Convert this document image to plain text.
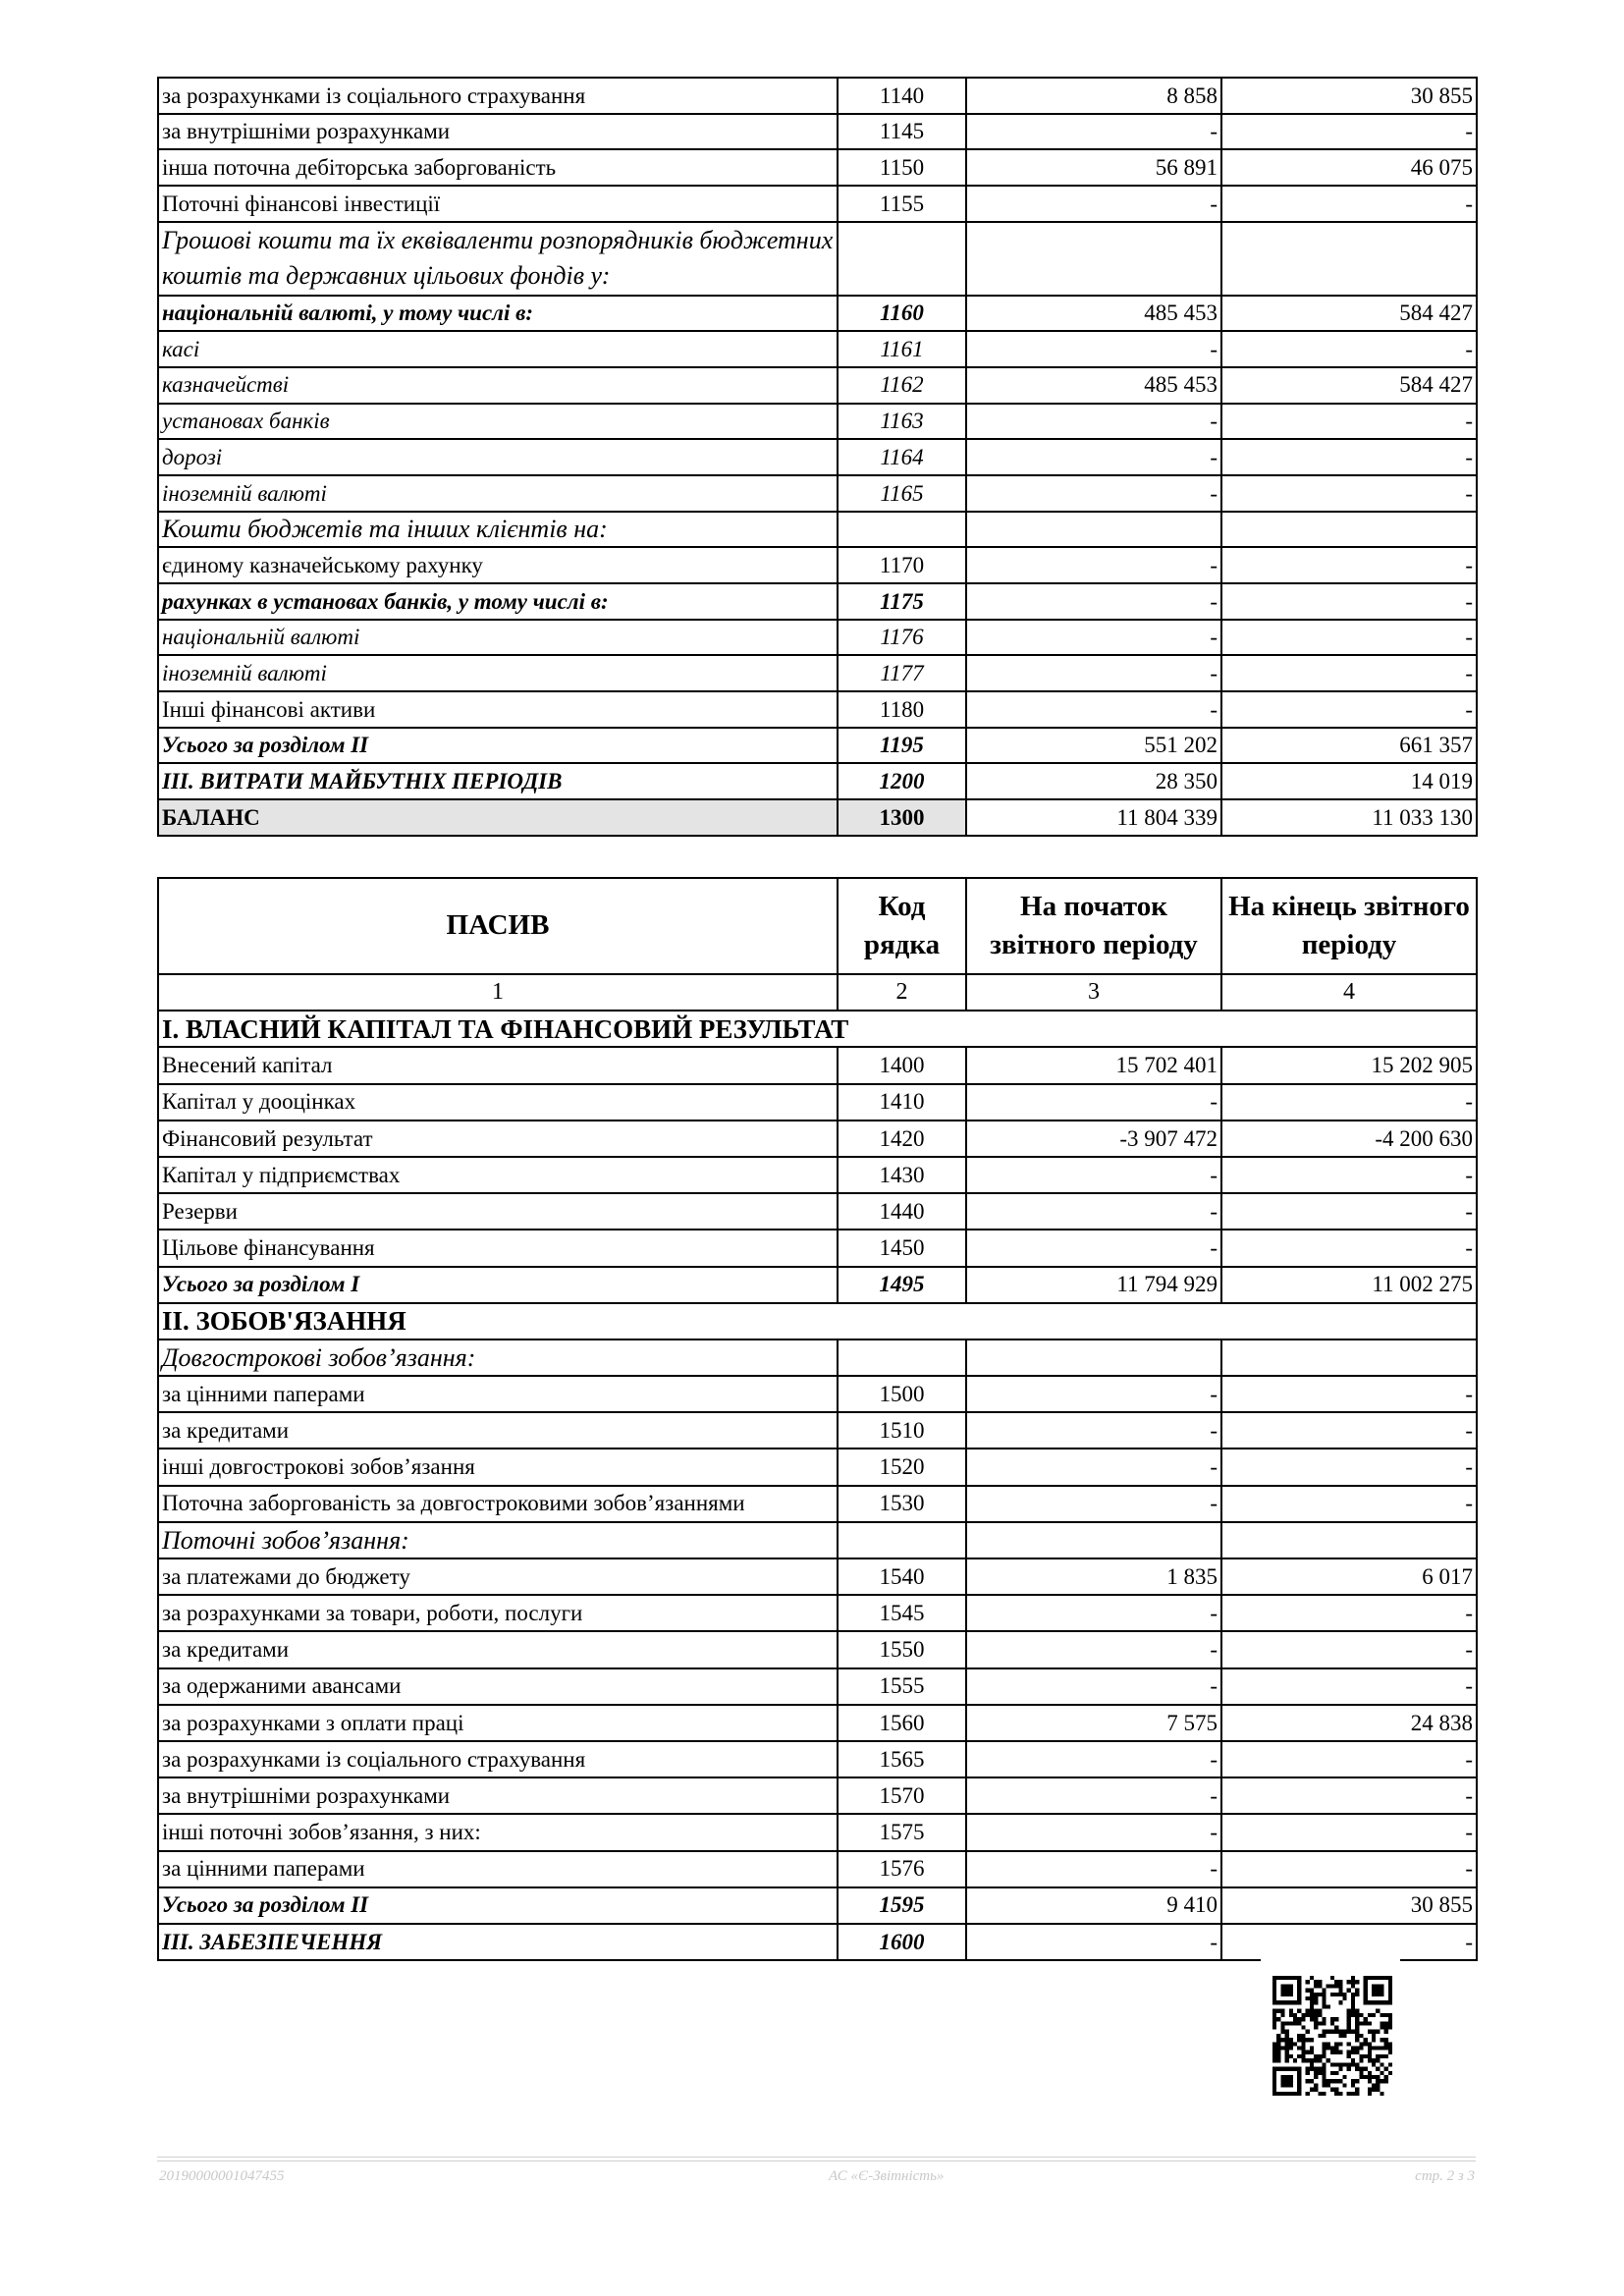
за розрахунками із соціального страхування	1140	8 858	30 855
за внутрішніми розрахунками	1145	-	-
інша поточна дебіторська заборгованість	1150	56 891	46 075
Поточні фінансові інвестиції	1155	-	-
Грошові кошти та їх еквіваленти розпорядників бюджетних коштів та державних цільових фондів у:			
національній валюті, у тому числі в:	1160	485 453	584 427
касі	1161	-	-
казначействі	1162	485 453	584 427
установах банків	1163	-	-
дорозі	1164	-	-
іноземній валюті	1165	-	-
Кошти бюджетів та інших клієнтів на:			
єдиному казначейському рахунку	1170	-	-
рахунках в установах банків, у тому числі в:	1175	-	-
національній валюті	1176	-	-
іноземній валюті	1177	-	-
Інші фінансові активи	1180	-	-
Усього за розділом ІІ	1195	551 202	661 357
ІІІ. ВИТРАТИ МАЙБУТНІХ ПЕРІОДІВ	1200	28 350	14 019
БАЛАНС	1300	11 804 339	11 033 130
ПАСИВ	Код рядка	На початок звітного періоду	На кінець звітного періоду
1	2	3	4
I. ВЛАСНИЙ КАПІТАЛ ТА ФІНАНСОВИЙ РЕЗУЛЬТАТ			
Внесений капітал	1400	15 702 401	15 202 905
Капітал у дооцінках	1410	-	-
Фінансовий результат	1420	-3 907 472	-4 200 630
Капітал у підприємствах	1430	-	-
Резерви	1440	-	-
Цільове фінансування	1450	-	-
Усього за розділом I	1495	11 794 929	11 002 275
II. ЗОБОВ'ЯЗАННЯ			
Довгострокові зобов’язання:			
за цінними паперами	1500	-	-
за кредитами	1510	-	-
інші довгострокові зобов’язання	1520	-	-
Поточна заборгованість за довгостроковими зобов’язаннями	1530	-	-
Поточні зобов’язання:			
за платежами до бюджету	1540	1 835	6 017
за розрахунками за товари, роботи, послуги	1545	-	-
за кредитами	1550	-	-
за одержаними авансами	1555	-	-
за розрахунками з оплати праці	1560	7 575	24 838
за розрахунками із соціального страхування	1565	-	-
за внутрішніми розрахунками	1570	-	-
інші поточні зобов’язання, з них:	1575	-	-
за цінними паперами	1576	-	-
Усього за розділом II	1595	9 410	30 855
III. ЗАБЕЗПЕЧЕННЯ	1600	-	-
20190000001047455	АС «Є-Звітність»	стр. 2 з 3
